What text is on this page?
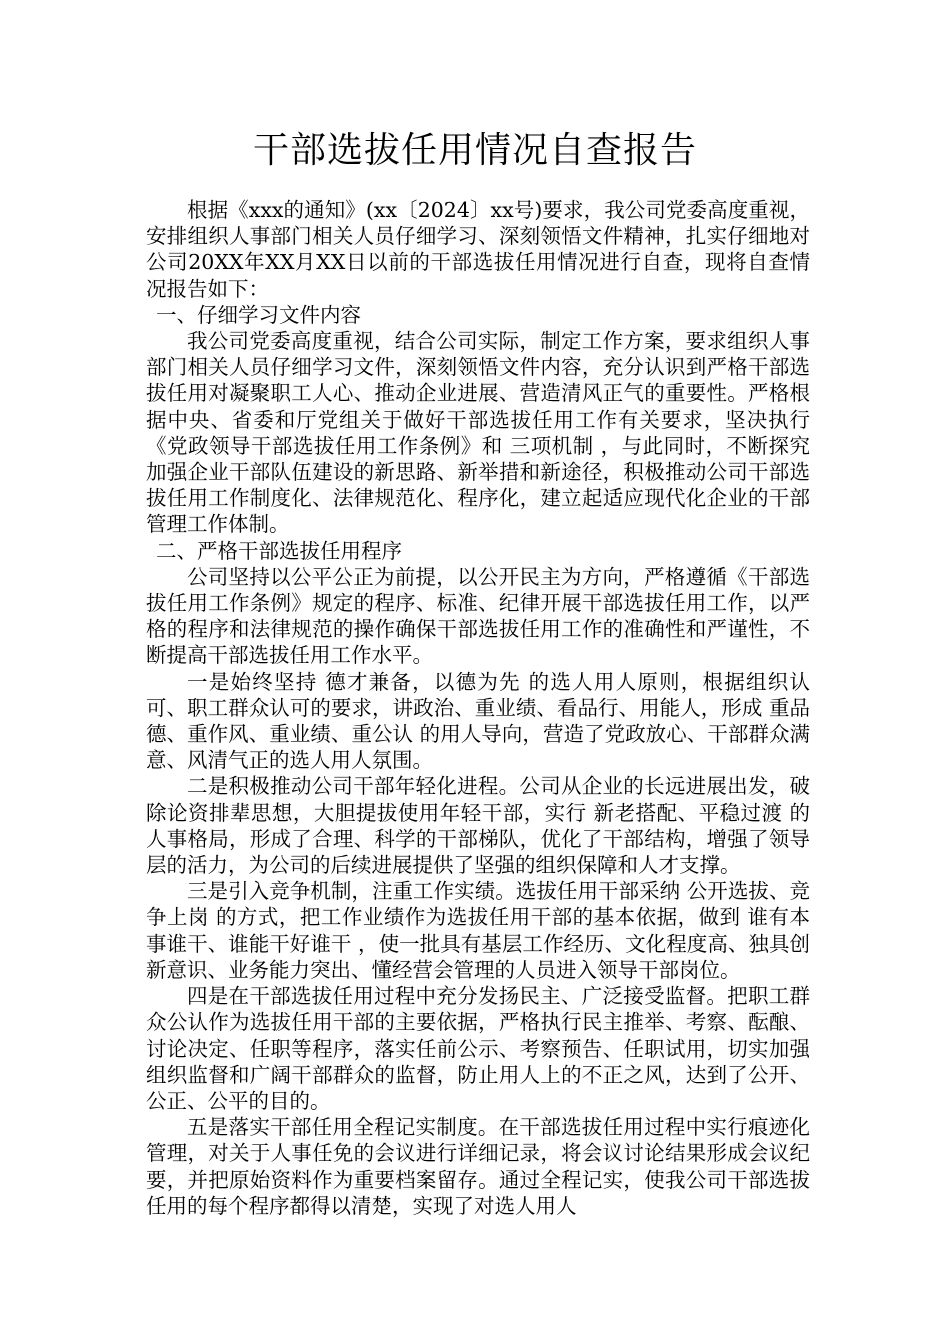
干部选拔任用情况自查报告

根据《xxx的通知》(xx〔2024〕xx号)要求，我公司党委高度重视，安排组织人事部门相关人员仔细学习、深刻领悟文件精神，扎实仔细地对公司20XX年XX月XX日以前的干部选拔任用情况进行自查，现将自查情况报告如下：

一、仔细学习文件内容

我公司党委高度重视，结合公司实际，制定工作方案，要求组织人事部门相关人员仔细学习文件，深刻领悟文件内容，充分认识到严格干部选拔任用对凝聚职工人心、推动企业进展、营造清风正气的重要性。严格根据中央、省委和厅党组关于做好干部选拔任用工作有关要求，坚决执行《党政领导干部选拔任用工作条例》和 三项机制 ，与此同时，不断探究加强企业干部队伍建设的新思路、新举措和新途径，积极推动公司干部选拔任用工作制度化、法律规范化、程序化，建立起适应现代化企业的干部管理工作体制。

二、严格干部选拔任用程序

公司坚持以公平公正为前提，以公开民主为方向，严格遵循《干部选拔任用工作条例》规定的程序、标准、纪律开展干部选拔任用工作，以严格的程序和法律规范的操作确保干部选拔任用工作的准确性和严谨性，不断提高干部选拔任用工作水平。

一是始终坚持 德才兼备，以德为先 的选人用人原则，根据组织认可、职工群众认可的要求，讲政治、重业绩、看品行、用能人，形成 重品德、重作风、重业绩、重公认 的用人导向，营造了党政放心、干部群众满意、风清气正的选人用人氛围。

二是积极推动公司干部年轻化进程。公司从企业的长远进展出发，破除论资排辈思想，大胆提拔使用年轻干部，实行 新老搭配、平稳过渡 的人事格局，形成了合理、科学的干部梯队，优化了干部结构，增强了领导层的活力，为公司的后续进展提供了坚强的组织保障和人才支撑。

三是引入竞争机制，注重工作实绩。选拔任用干部采纳 公开选拔、竞争上岗 的方式，把工作业绩作为选拔任用干部的基本依据，做到 谁有本事谁干、谁能干好谁干 ，使一批具有基层工作经历、文化程度高、独具创新意识、业务能力突出、懂经营会管理的人员进入领导干部岗位。

四是在干部选拔任用过程中充分发扬民主、广泛接受监督。把职工群众公认作为选拔任用干部的主要依据，严格执行民主推举、考察、酝酿、讨论决定、任职等程序，落实任前公示、考察预告、任职试用，切实加强组织监督和广阔干部群众的监督，防止用人上的不正之风，达到了公开、公正、公平的目的。

五是落实干部任用全程记实制度。在干部选拔任用过程中实行痕迹化管理，对关于人事任免的会议进行详细记录，将会议讨论结果形成会议纪要，并把原始资料作为重要档案留存。通过全程记实，使我公司干部选拔任用的每个程序都得以清楚，实现了对选人用人
